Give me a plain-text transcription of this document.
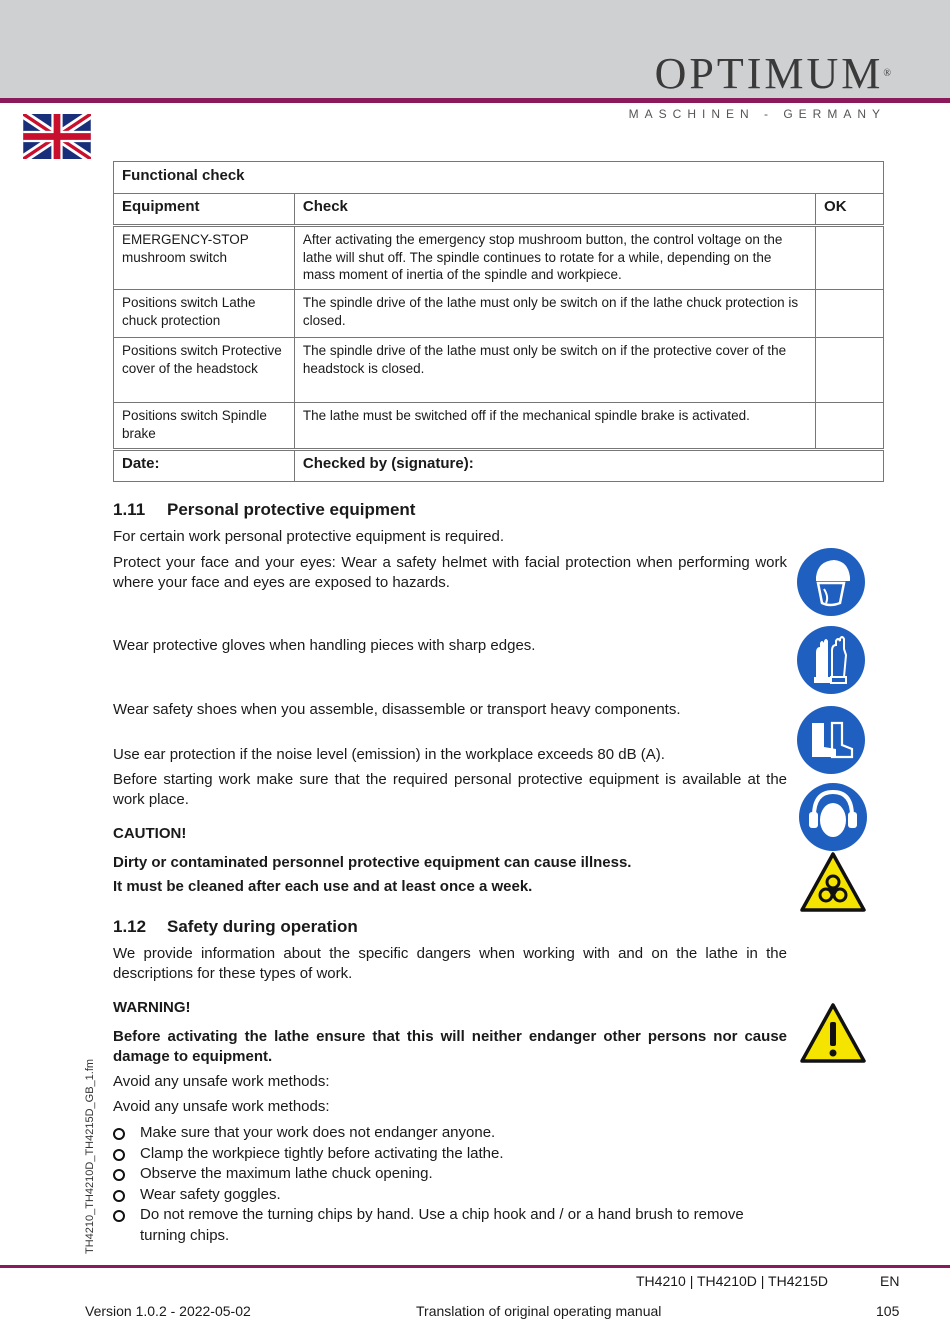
OPTIMUM®
MASCHINEN - GERMANY
TH4210_TH4210D_TH4215D_GB_1.fm
Functional check		
Equipment	Check	OK
EMERGENCY-STOP mushroom switch	After activating the emergency stop mushroom button, the control voltage on the lathe will shut off. The spindle continues to rotate for a while, depending on the mass moment of inertia of the spindle and workpiece.	
Positions switch Lathe chuck protection	The spindle drive of the lathe must only be switch on if the lathe chuck protection is closed.	
Positions switch Protective cover of the headstock	The spindle drive of the lathe must only be switch on if the protective cover of the headstock is closed.	
Positions switch Spindle brake	The lathe must be switched off if the mechanical spindle brake is activated.	
Date:	Checked by (signature):	
1.11 Personal protective equipment
For certain work personal protective equipment is required.
Protect your face and your eyes: Wear a safety helmet with facial protection when performing work where your face and eyes are exposed to hazards.
Wear protective gloves when handling pieces with sharp edges.
Wear safety shoes when you assemble, disassemble or transport heavy components.
Use ear protection if the noise level (emission) in the workplace exceeds 80 dB (A).
Before starting work make sure that the required personal protective equipment is available at the work place.
CAUTION!
Dirty or contaminated personnel protective equipment can cause illness.
It must be cleaned after each use and at least once a week.
1.12 Safety during operation
We provide information about the specific dangers when working with and on the lathe in the descriptions for these types of work.
WARNING!
Before activating the lathe ensure that this will neither endanger other persons nor cause damage to equipment.
Avoid any unsafe work methods:
Avoid any unsafe work methods:
Make sure that your work does not endanger anyone.
Clamp the workpiece tightly before activating the lathe.
Observe the maximum lathe chuck opening.
Wear safety goggles.
Do not remove the turning chips by hand. Use a chip hook and / or a hand brush to remove turning chips.
TH4210 | TH4210D | TH4215D	EN
Version 1.0.2 - 2022-05-02	Translation of original operating manual	105
